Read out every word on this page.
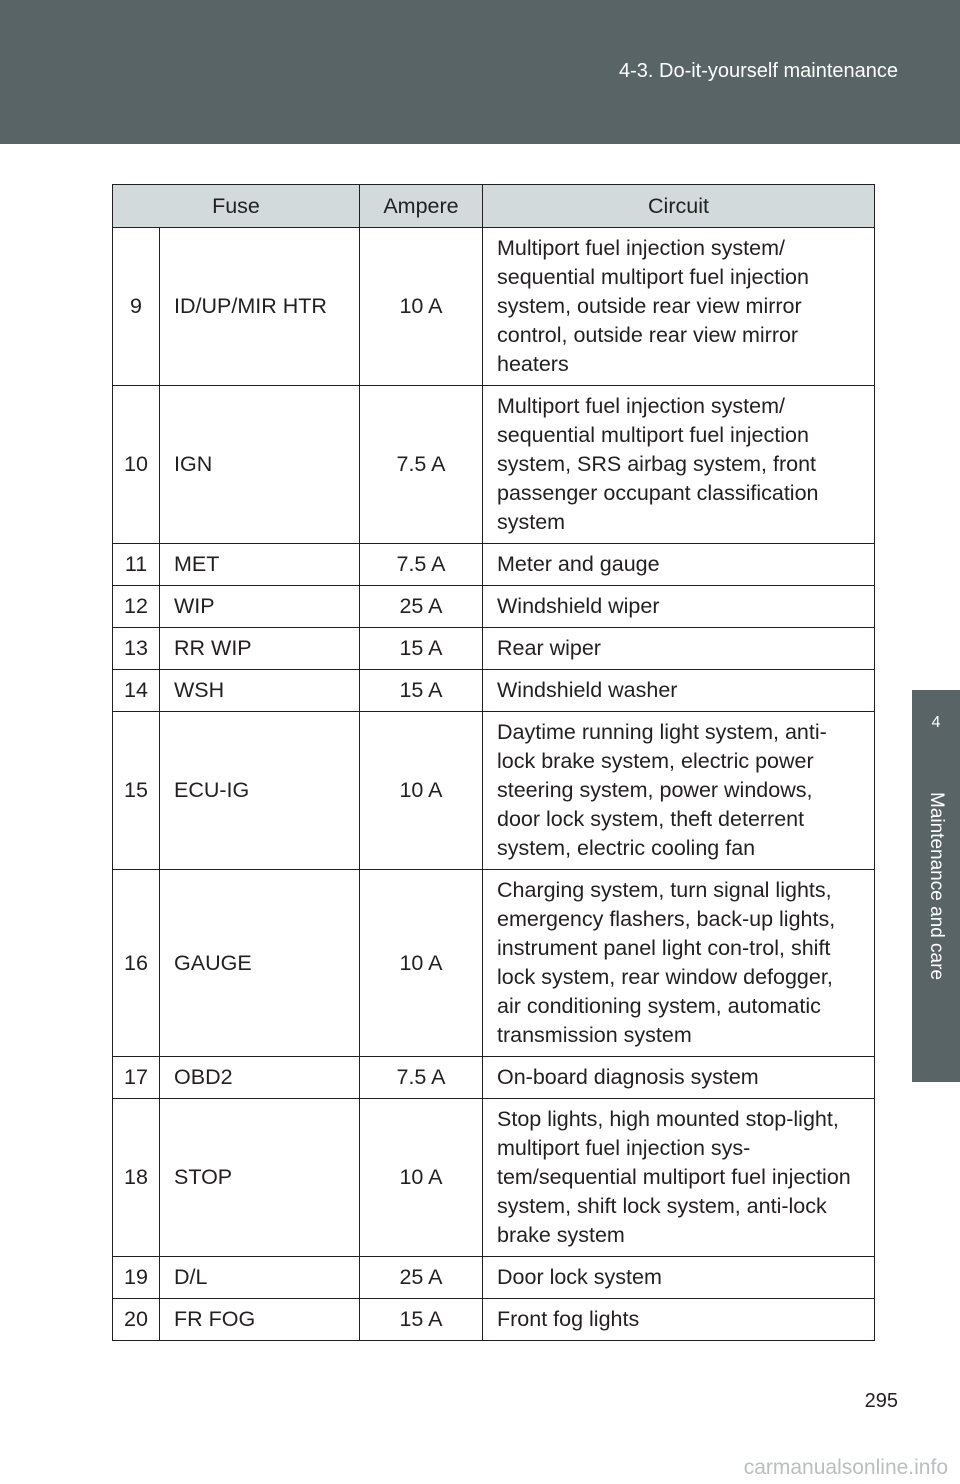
4-3. Do-it-yourself maintenance
4
Maintenance and care
Fuse		Ampere	Circuit
9	ID/UP/MIR HTR	10 A	Multiport fuel injection system/ sequential multiport fuel injection system, outside rear view mirror control, outside rear view mirror heaters
10	IGN	7.5 A	Multiport fuel injection system/ sequential multiport fuel injection system, SRS airbag system, front passenger occupant classification system
11	MET	7.5 A	Meter and gauge
12	WIP	25 A	Windshield wiper
13	RR WIP	15 A	Rear wiper
14	WSH	15 A	Windshield washer
15	ECU-IG	10 A	Daytime running light system, anti-lock brake system, electric power steering system, power windows, door lock system, theft deterrent system, electric cooling fan
16	GAUGE	10 A	Charging system, turn signal lights, emergency flashers, back-up lights, instrument panel light con-trol, shift lock system, rear window defogger, air conditioning system, automatic transmission system
17	OBD2	7.5 A	On-board diagnosis system
18	STOP	10 A	Stop lights, high mounted stop-light, multiport fuel injection sys-tem/sequential multiport fuel injection system, shift lock system, anti-lock brake system
19	D/L	25 A	Door lock system
20	FR FOG	15 A	Front fog lights
295
carmanualsonline.info
